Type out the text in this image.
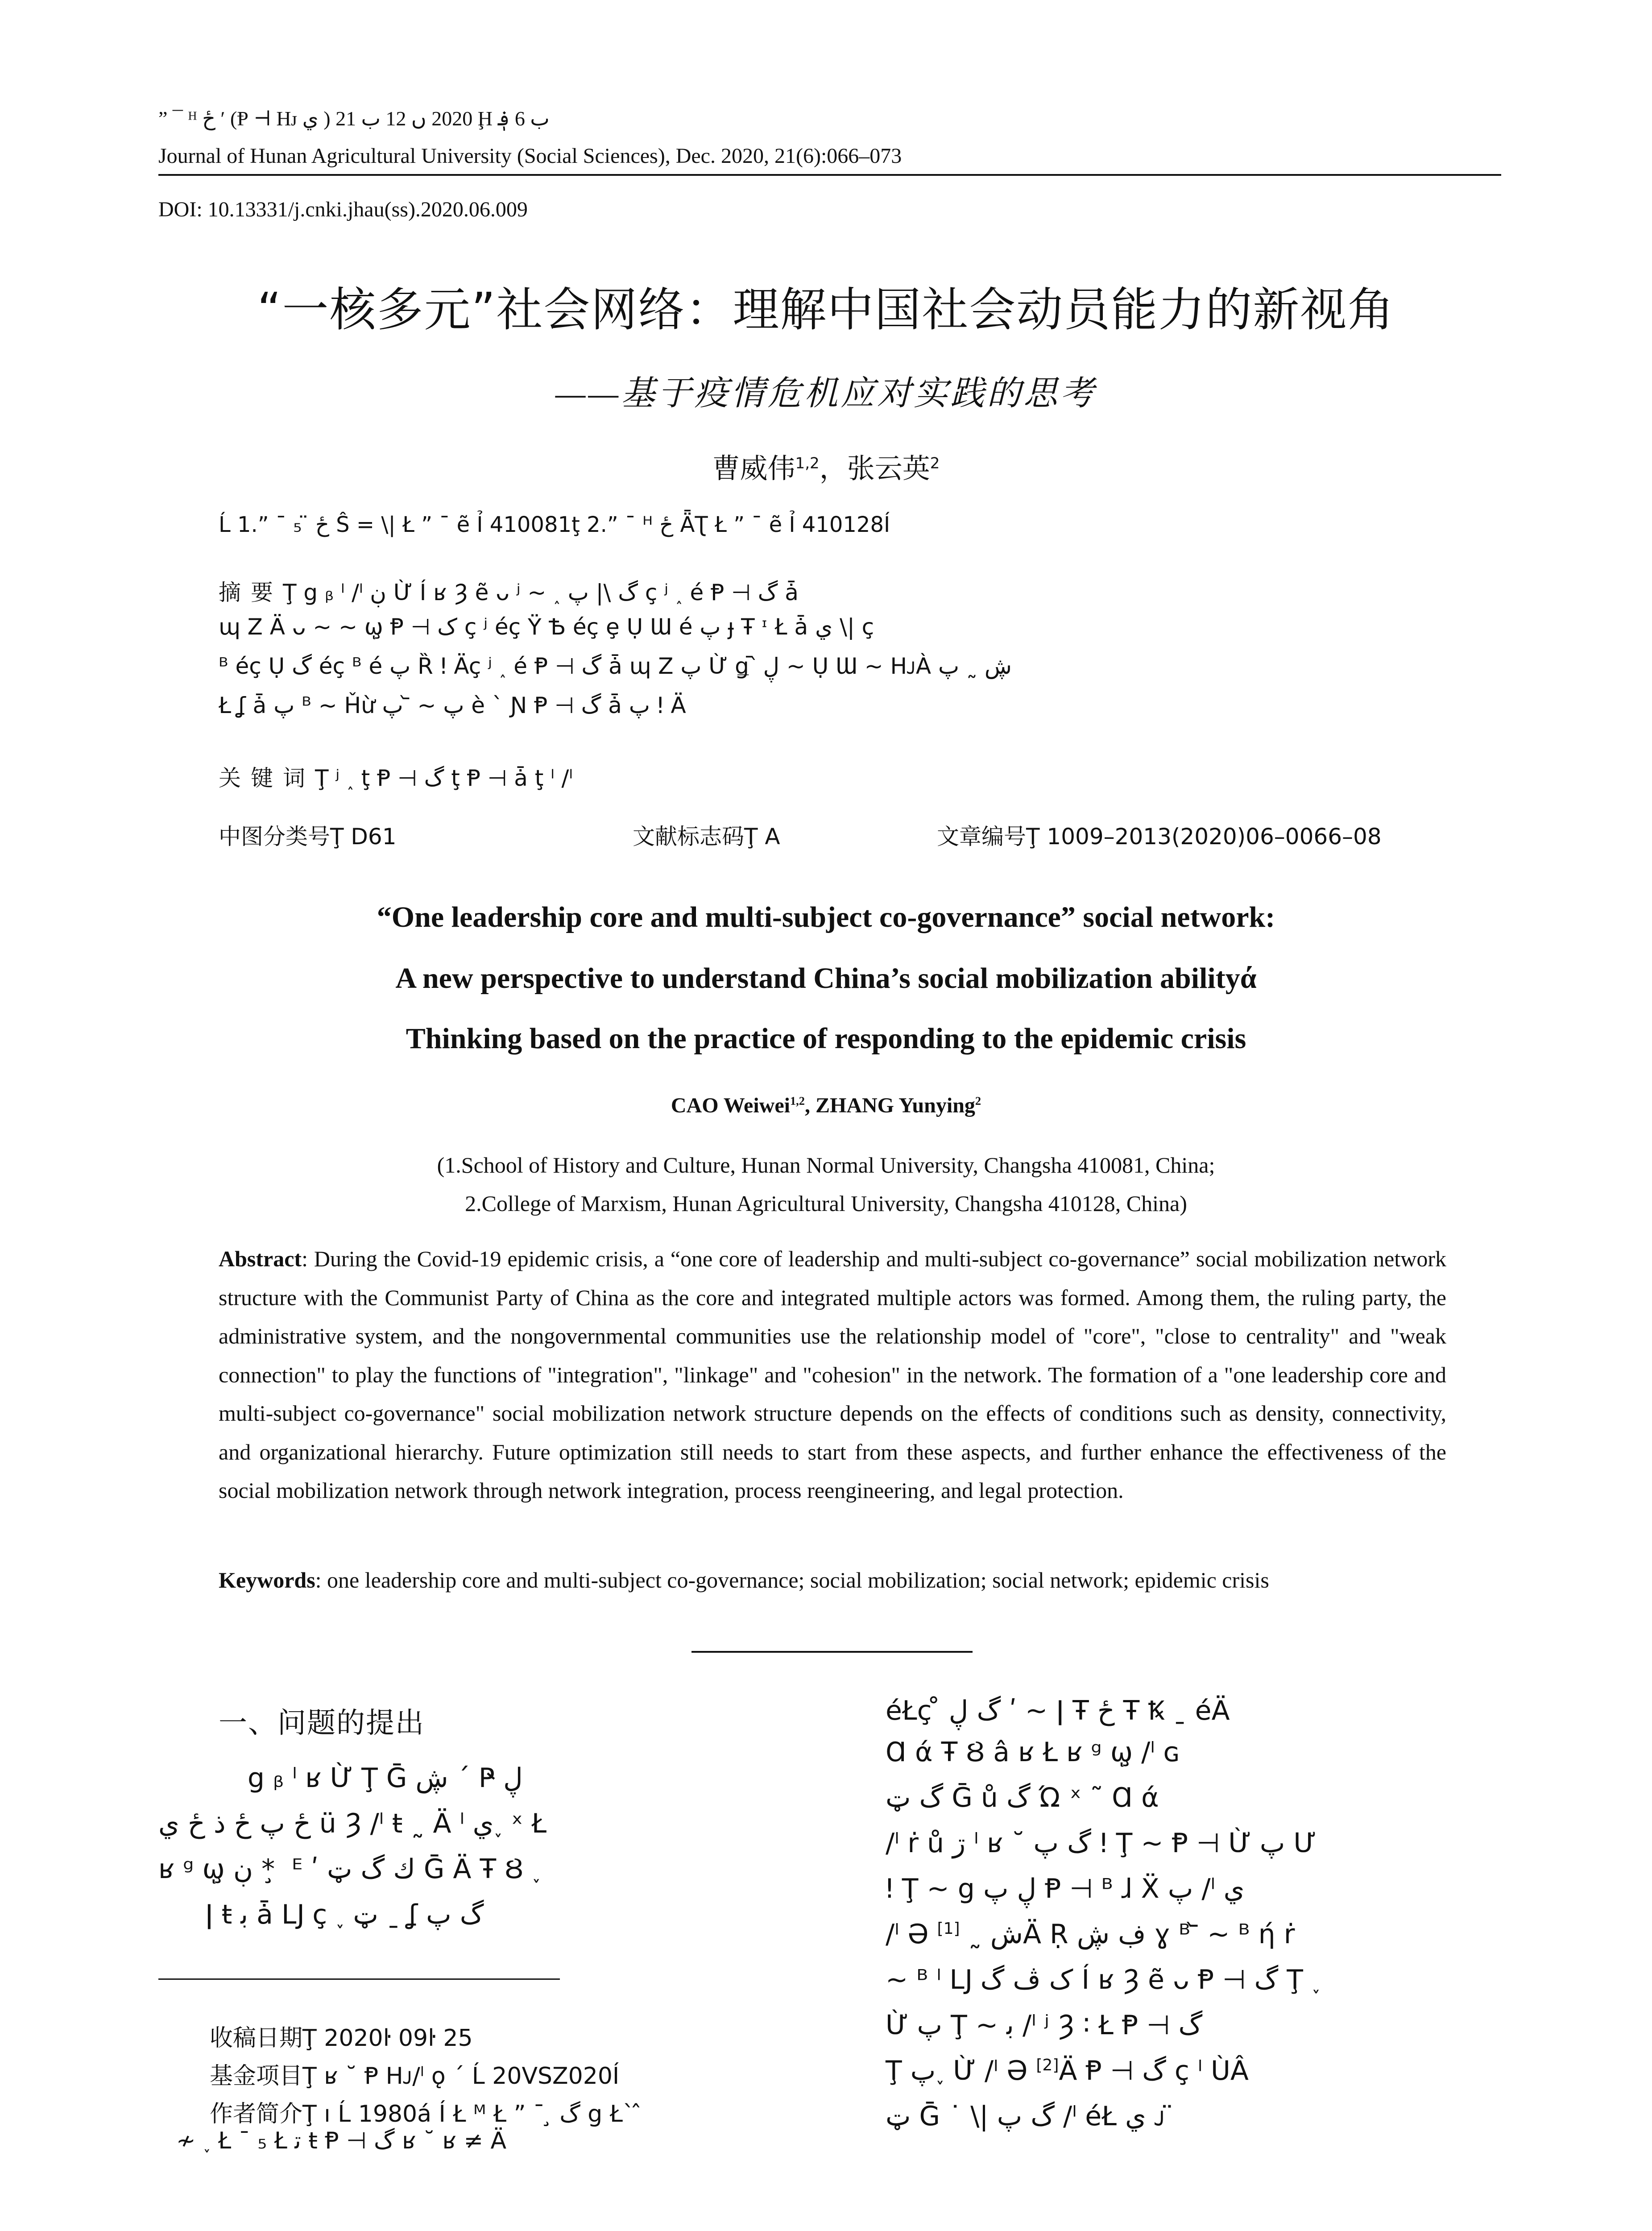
” ¯ ᴴ ځ ʹ (Ᵽ ⊣ Hᴊ ي ) 2020 ں 12 ب 21 Ḩ ب 6 ؋
Journal of Hunan Agricultural University (Social Sciences), Dec. 2020, 21(6):066–073
DOI: 10.13331/j.cnki.jhau(ss).2020.06.009
“一核多元”社会网络：理解中国社会动员能力的新视角
——基于疫情危机应对实践的思考
曹威伟$^{1,2}$，张云英$^2$
Ĺ 1.” ¯ ₅ ̈ ځ Ŝ = \| Ł ” ¯ ẽ Ỉ 410081ţ 2.” ¯ ᴴ ځ ǞƮ Ł ” ¯ ẽ Ỉ 410128Í
摘要Ţ ց ᵦ ˡ /ˡ ڹ Ừ Í ʁ Ȝ ẽ ᴗ ʲ ~ ˰ گ \| پ ç ʲ ˰ é Ᵽ ⊣ گ ǡ
ɰ Z Ä ᴗ ~ ~ ῳ̧ Ᵽ ⊣ ک ç ʲ éç Ÿ Ѣ éç ȩ Ụ Ɯ é پ ɟ Ŧ ᶦ Ł ǡ ي \| ç
ᴮ éç Ụ گ éç ᴮ é پ Ȑ ǃ Äç ʲ ˰ é Ᵽ ⊣ گ ǡ ɰ Z پ Ừ ǥ ᷆ ڸ ~ Ụ Ɯ ~ HᴊÀ ڜ ˷ پ
Ł ʆ ǡ پ ᴮ ~ Ȟừ پ ~ ᷅ پ è ˋ Ɲ Ᵽ ⊣ گ ǡ پ ǃ Ä
关键词Ţ ʲ ˰ ţ Ᵽ ⊣ گ ţ Ᵽ ⊣ ǡ ţ ˡ /ˡ
中图分类号Ţ D61	文献标志码Ţ A	文章编号Ţ 1009–2013(2020)06–0066–08
“One leadership core and multi-subject co-governance” social network:
A new perspective to understand China’s social mobilization abilityά
Thinking based on the practice of responding to the epidemic crisis
CAO Weiwei$^{1,2}$, ZHANG Yunying$^2$
(1.School of History and Culture, Hunan Normal University, Changsha 410081, China;
2.College of Marxism, Hunan Agricultural University, Changsha 410128, China)
Abstract: During the Covid-19 epidemic crisis, a “one core of leadership and multi-subject co-governance” social mobilization network structure with the Communist Party of China as the core and integrated multiple actors was formed. Among them, the ruling party, the administrative system, and the nongovernmental communities use the relationship model of "core", "close to centrality" and "weak connection" to play the functions of "integration", "linkage" and "cohesion" in the network. The formation of a "one leadership core and multi-subject co-governance" social mobilization network structure depends on the effects of conditions such as density, connectivity, and organizational hierarchy. Future optimization still needs to start from these aspects, and further enhance the effectiveness of the social mobilization network through network integration, process reengineering, and legal protection.
Keywords: one leadership core and multi-subject co-governance; social mobilization; social network; epidemic crisis
一、问题的提出
ց ᵦ ˡ ʁ Ừ Ţ Ḡ ڜ ´ Ҏ ڸ
ځ پ ځ ذ ځ ي ü Ȝ /ˡ ŧ ˷ Ä ˡ ي˯ ˣ Ł
ʁ ᵍ ῳ̧ ڹ * ̧ ᴱ ʹ ﻙ گ ټ Ḡ Ä Ŧ Ȣ ˯
ǀ ŧ ﺑ ǡ Ǉ ç ˯ ټ ˍ ʆ گ پ
收稿日期Ţ 2020ŀ 09ŀ 25
基金项目Ţ ʁ ˘ Ᵽ Hᴊ/ˡ ǫ ˊ Ĺ 20VSZ020Í
作者简介Ţ ı Ĺ 1980á Í Ł ᴹ Ł ” ¯ ̧ گ ց Ł` ̂
≁ ˯ Ł ¯ ₅ Ł ﺗ ŧ Ᵽ ⊣ گ ʁ ˘ ʁ ≠ Ä
éŁç ̊ گ ڸ ʹ ~ ǀ Ŧ ځ Ŧ Ꝅ ˍ éÄ
Ɑ ά Ŧ Ȣ â ʁ Ł ʁ ᵍ ῳ̧ /ˡ ɢ
گ ټ Ḡ ů گ Ώ ˣ ˜ Ɑ ά
/ˡ ṙ ů ڗ ˡ ʁ ˘ گ پ ǃ Ţ ~ Ᵽ ⊣ Ừ پ Ư
ǃ Ţ ~ ց ڸ پ Ᵽ ⊣ ᴮ ɺ Ẍ پ /ˡ ي
/ˡ Ə ش ˷ [1] Ä Ṛ ڣ ڜ ɣ ᴮ ᷅ ~ ᴮ ή ṙ
~ ᴮ ˡ Ǉ ک ڤ گ Í ʁ Ȝ ẽ ᴗ Ᵽ ⊣ گ Ţ ˯
Ừ پ Ţ ~ ﺑ /ˡ ʲ Ȝ ∶ Ł Ᵽ ⊣ گ
Ţ پ˯ Ừ /ˡ Ə [2]Ä Ᵽ ⊣ گ ç ˡ ÙÂ
ټ Ḡ ˙ \| گ پ /ˡ éŁ ي ᴊ ̈
